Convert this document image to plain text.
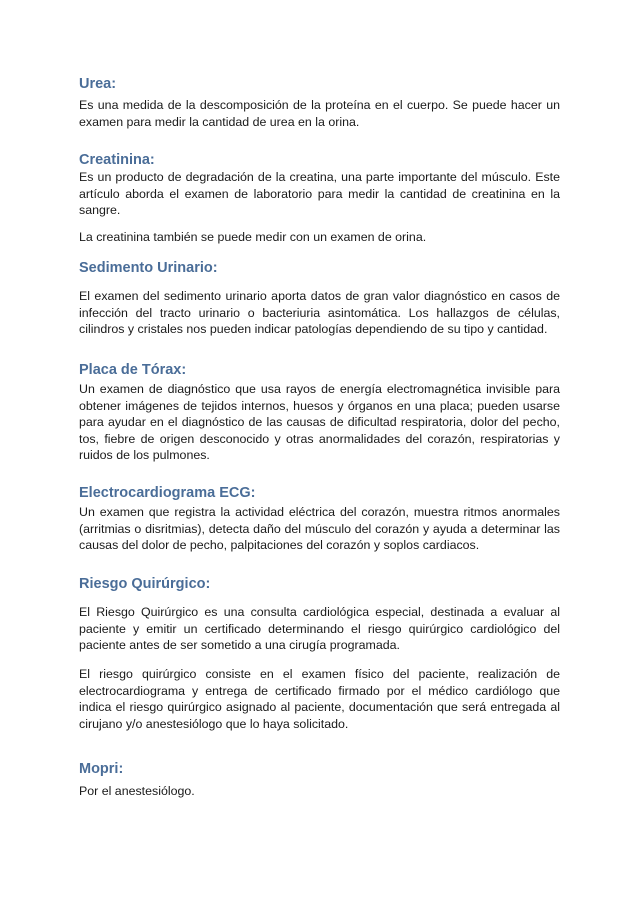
Urea:

Es una medida de la descomposición de la proteína en el cuerpo. Se puede hacer un examen para medir la cantidad de urea en la orina.

Creatinina:

Es un producto de degradación de la creatina, una parte importante del músculo. Este artículo aborda el examen de laboratorio para medir la cantidad de creatinina en la sangre.

La creatinina también se puede medir con un examen de orina.

Sedimento Urinario:

El examen del sedimento urinario aporta datos de gran valor diagnóstico en casos de infección del tracto urinario o bacteriuria asintomática. Los hallazgos de células, cilindros y cristales nos pueden indicar patologías dependiendo de su tipo y cantidad.

Placa de Tórax:

Un examen de diagnóstico que usa rayos de energía electromagnética invisible para obtener imágenes de tejidos internos, huesos y órganos en una placa; pueden usarse para ayudar en el diagnóstico de las causas de dificultad respiratoria, dolor del pecho, tos, fiebre de origen desconocido y otras anormalidades del corazón, respiratorias y ruidos de los pulmones.

Electrocardiograma ECG:

Un examen que registra la actividad eléctrica del corazón, muestra ritmos anormales (arritmias o disritmias), detecta daño del músculo del corazón y ayuda a determinar las causas del dolor de pecho, palpitaciones del corazón y soplos cardiacos.

Riesgo Quirúrgico:

El Riesgo Quirúrgico es una consulta cardiológica especial, destinada a evaluar al paciente y emitir un certificado determinando el riesgo quirúrgico cardiológico del paciente antes de ser sometido a una cirugía programada.

El riesgo quirúrgico consiste en el examen físico del paciente, realización de electrocardiograma y entrega de certificado firmado por el médico cardiólogo que indica el riesgo quirúrgico asignado al paciente, documentación que será entregada al cirujano y/o anestesiólogo que lo haya solicitado.

Mopri:

Por el anestesiólogo.
